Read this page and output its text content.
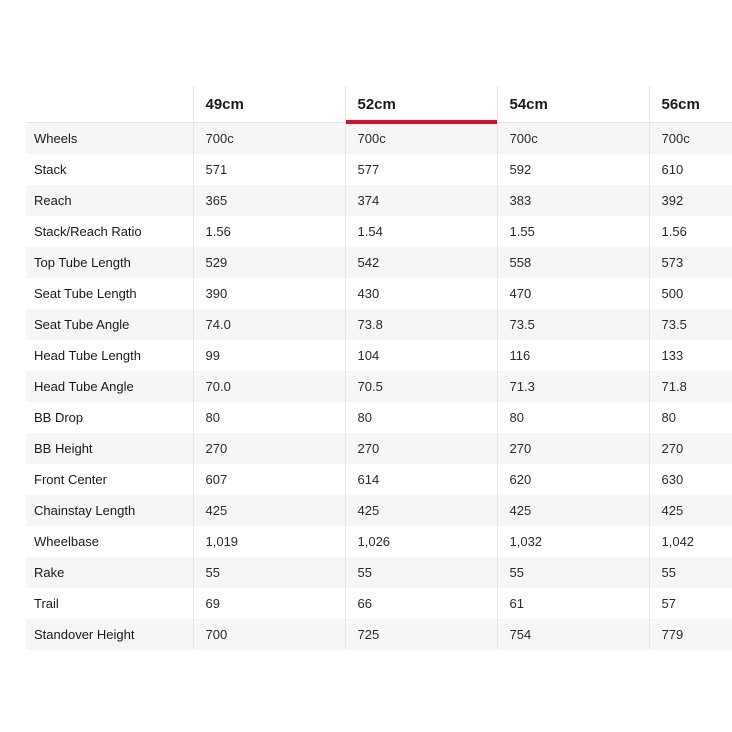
	49cm	52cm	54cm	56cm
Wheels	700c	700c	700c	700c
Stack	571	577	592	610
Reach	365	374	383	392
Stack/Reach Ratio	1.56	1.54	1.55	1.56
Top Tube Length	529	542	558	573
Seat Tube Length	390	430	470	500
Seat Tube Angle	74.0	73.8	73.5	73.5
Head Tube Length	99	104	116	133
Head Tube Angle	70.0	70.5	71.3	71.8
BB Drop	80	80	80	80
BB Height	270	270	270	270
Front Center	607	614	620	630
Chainstay Length	425	425	425	425
Wheelbase	1,019	1,026	1,032	1,042
Rake	55	55	55	55
Trail	69	66	61	57
Standover Height	700	725	754	779
